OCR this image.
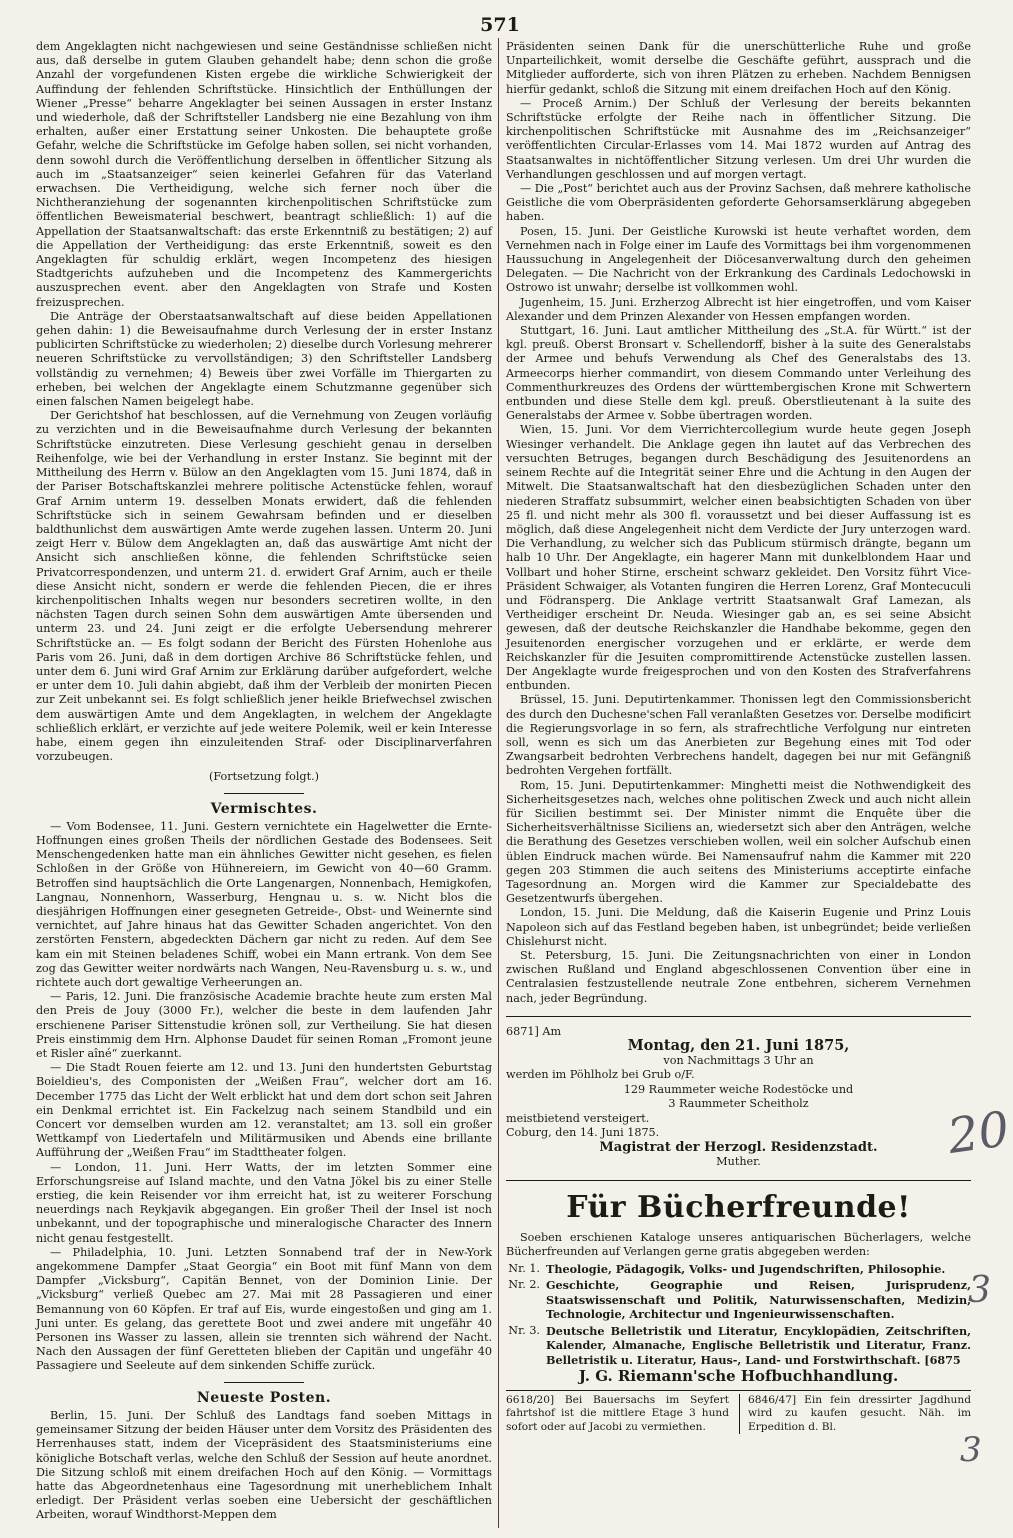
571

dem Angeklagten nicht nachgewiesen und seine Geständnisse schließen nicht aus, daß derselbe in gutem Glauben gehandelt habe; denn schon die große Anzahl der vorgefundenen Kisten ergebe die wirkliche Schwierigkeit der Auffindung der fehlenden Schriftstücke. Hinsichtlich der Enthüllungen der Wiener „Presse“ beharre Angeklagter bei seinen Aussagen in erster Instanz und wiederhole, daß der Schriftsteller Landsberg nie eine Bezahlung von ihm erhalten, außer einer Erstattung seiner Unkosten. Die behauptete große Gefahr, welche die Schriftstücke im Gefolge haben sollen, sei nicht vorhanden, denn sowohl durch die Veröffentlichung derselben in öffentlicher Sitzung als auch im „Staatsanzeiger“ seien keinerlei Gefahren für das Vaterland erwachsen. Die Vertheidigung, welche sich ferner noch über die Nichtheranziehung der sogenannten kirchenpolitischen Schriftstücke zum öffentlichen Beweismaterial beschwert, beantragt schließlich: 1) auf die Appellation der Staatsanwaltschaft: das erste Erkenntniß zu bestätigen; 2) auf die Appellation der Vertheidigung: das erste Erkenntniß, soweit es den Angeklagten für schuldig erklärt, wegen Incompetenz des hiesigen Stadtgerichts aufzuheben und die Incompetenz des Kammergerichts auszusprechen event. aber den Angeklagten von Strafe und Kosten freizusprechen.

Die Anträge der Oberstaatsanwaltschaft auf diese beiden Appellationen gehen dahin: 1) die Beweisaufnahme durch Verlesung der in erster Instanz publicirten Schriftstücke zu wiederholen; 2) dieselbe durch Vorlesung mehrerer neueren Schriftstücke zu vervollständigen; 3) den Schriftsteller Landsberg vollständig zu vernehmen; 4) Beweis über zwei Vorfälle im Thiergarten zu erheben, bei welchen der Angeklagte einem Schutzmanne gegenüber sich einen falschen Namen beigelegt habe.

Der Gerichtshof hat beschlossen, auf die Vernehmung von Zeugen vorläufig zu verzichten und in die Beweisaufnahme durch Verlesung der bekannten Schriftstücke einzutreten. Diese Verlesung geschieht genau in derselben Reihenfolge, wie bei der Verhandlung in erster Instanz. Sie beginnt mit der Mittheilung des Herrn v. Bülow an den Angeklagten vom 15. Juni 1874, daß in der Pariser Botschaftskanzlei mehrere politische Actenstücke fehlen, worauf Graf Arnim unterm 19. desselben Monats erwidert, daß die fehlenden Schriftstücke sich in seinem Gewahrsam befinden und er dieselben baldthunlichst dem auswärtigen Amte werde zugehen lassen. Unterm 20. Juni zeigt Herr v. Bülow dem Angeklagten an, daß das auswärtige Amt nicht der Ansicht sich anschließen könne, die fehlenden Schriftstücke seien Privatcorrespondenzen, und unterm 21. d. erwidert Graf Arnim, auch er theile diese Ansicht nicht, sondern er werde die fehlenden Piecen, die er ihres kirchenpolitischen Inhalts wegen nur besonders secretiren wollte, in den nächsten Tagen durch seinen Sohn dem auswärtigen Amte übersenden und unterm 23. und 24. Juni zeigt er die erfolgte Uebersendung mehrerer Schriftstücke an. — Es folgt sodann der Bericht des Fürsten Hohenlohe aus Paris vom 26. Juni, daß in dem dortigen Archive 86 Schriftstücke fehlen, und unter dem 6. Juni wird Graf Arnim zur Erklärung darüber aufgefordert, welche er unter dem 10. Juli dahin abgiebt, daß ihm der Verbleib der monirten Piecen zur Zeit unbekannt sei. Es folgt schließlich jener heikle Briefwechsel zwischen dem auswärtigen Amte und dem Angeklagten, in welchem der Angeklagte schließlich erklärt, er verzichte auf jede weitere Polemik, weil er kein Interesse habe, einem gegen ihn einzuleitenden Straf- oder Disciplinarverfahren vorzubeugen.

(Fortsetzung folgt.)
Vermischtes.

— Vom Bodensee, 11. Juni. Gestern vernichtete ein Hagelwetter die Ernte-Hoffnungen eines großen Theils der nördlichen Gestade des Bodensees. Seit Menschengedenken hatte man ein ähnliches Gewitter nicht gesehen, es fielen Schloßen in der Größe von Hühnereiern, im Gewicht von 40—60 Gramm. Betroffen sind hauptsächlich die Orte Langenargen, Nonnenbach, Hemigkofen, Langnau, Nonnenhorn, Wasserburg, Hengnau u. s. w. Nicht blos die diesjährigen Hoffnungen einer gesegneten Getreide-, Obst- und Weinernte sind vernichtet, auf Jahre hinaus hat das Gewitter Schaden angerichtet. Von den zerstörten Fenstern, abgedeckten Dächern gar nicht zu reden. Auf dem See kam ein mit Steinen beladenes Schiff, wobei ein Mann ertrank. Von dem See zog das Gewitter weiter nordwärts nach Wangen, Neu-Ravensburg u. s. w., und richtete auch dort gewaltige Verheerungen an.

— Paris, 12. Juni. Die französische Academie brachte heute zum ersten Mal den Preis de Jouy (3000 Fr.), welcher die beste in dem laufenden Jahr erschienene Pariser Sittenstudie krönen soll, zur Vertheilung. Sie hat diesen Preis einstimmig dem Hrn. Alphonse Daudet für seinen Roman „Fromont jeune et Risler aîné“ zuerkannt.

— Die Stadt Rouen feierte am 12. und 13. Juni den hundertsten Geburtstag Boieldieu's, des Componisten der „Weißen Frau“, welcher dort am 16. December 1775 das Licht der Welt erblickt hat und dem dort schon seit Jahren ein Denkmal errichtet ist. Ein Fackelzug nach seinem Standbild und ein Concert vor demselben wurden am 12. veranstaltet; am 13. soll ein großer Wettkampf von Liedertafeln und Militärmusiken und Abends eine brillante Aufführung der „Weißen Frau“ im Stadttheater folgen.

— London, 11. Juni. Herr Watts, der im letzten Sommer eine Erforschungsreise auf Island machte, und den Vatna Jökel bis zu einer Stelle erstieg, die kein Reisender vor ihm erreicht hat, ist zu weiterer Forschung neuerdings nach Reykjavik abgegangen. Ein großer Theil der Insel ist noch unbekannt, und der topographische und mineralogische Character des Innern nicht genau festgestellt.

— Philadelphia, 10. Juni. Letzten Sonnabend traf der in New-York angekommene Dampfer „Staat Georgia“ ein Boot mit fünf Mann von dem Dampfer „Vicksburg“, Capitän Bennet, von der Dominion Linie. Der „Vicksburg“ verließ Quebec am 27. Mai mit 28 Passagieren und einer Bemannung von 60 Köpfen. Er traf auf Eis, wurde eingestoßen und ging am 1. Juni unter. Es gelang, das gerettete Boot und zwei andere mit ungefähr 40 Personen ins Wasser zu lassen, allein sie trennten sich während der Nacht. Nach den Aussagen der fünf Geretteten blieben der Capitän und ungefähr 40 Passagiere und Seeleute auf dem sinkenden Schiffe zurück.

Neueste Posten.

Berlin, 15. Juni. Der Schluß des Landtags fand soeben Mittags in gemeinsamer Sitzung der beiden Häuser unter dem Vorsitz des Präsidenten des Herrenhauses statt, indem der Vicepräsident des Staatsministeriums eine königliche Botschaft verlas, welche den Schluß der Session auf heute anordnet. Die Sitzung schloß mit einem dreifachen Hoch auf den König. — Vormittags hatte das Abgeordnetenhaus eine Tagesordnung mit unerheblichem Inhalt erledigt. Der Präsident verlas soeben eine Uebersicht der geschäftlichen Arbeiten, worauf Windthorst-Meppen dem

Präsidenten seinen Dank für die unerschütterliche Ruhe und große Unparteilichkeit, womit derselbe die Geschäfte geführt, aussprach und die Mitglieder aufforderte, sich von ihren Plätzen zu erheben. Nachdem Bennigsen hierfür gedankt, schloß die Sitzung mit einem dreifachen Hoch auf den König.

— Proceß Arnim.) Der Schluß der Verlesung der bereits bekannten Schriftstücke erfolgte der Reihe nach in öffentlicher Sitzung. Die kirchenpolitischen Schriftstücke mit Ausnahme des im „Reichsanzeiger“ veröffentlichten Circular-Erlasses vom 14. Mai 1872 wurden auf Antrag des Staatsanwaltes in nichtöffentlicher Sitzung verlesen. Um drei Uhr wurden die Verhandlungen geschlossen und auf morgen vertagt.

— Die „Post“ berichtet auch aus der Provinz Sachsen, daß mehrere katholische Geistliche die vom Oberpräsidenten geforderte Gehorsamserklärung abgegeben haben.

Posen, 15. Juni. Der Geistliche Kurowski ist heute verhaftet worden, dem Vernehmen nach in Folge einer im Laufe des Vormittags bei ihm vorgenommenen Haussuchung in Angelegenheit der Diöcesanverwaltung durch den geheimen Delegaten. — Die Nachricht von der Erkrankung des Cardinals Ledochowski in Ostrowo ist unwahr; derselbe ist vollkommen wohl.

Jugenheim, 15. Juni. Erzherzog Albrecht ist hier eingetroffen, und vom Kaiser Alexander und dem Prinzen Alexander von Hessen empfangen worden.

Stuttgart, 16. Juni. Laut amtlicher Mittheilung des „St.A. für Württ.“ ist der kgl. preuß. Oberst Bronsart v. Schellendorff, bisher à la suite des Generalstabs der Armee und behufs Verwendung als Chef des Generalstabs des 13. Armeecorps hierher commandirt, von diesem Commando unter Verleihung des Commenthurkreuzes des Ordens der württembergischen Krone mit Schwertern entbunden und diese Stelle dem kgl. preuß. Oberstlieutenant à la suite des Generalstabs der Armee v. Sobbe übertragen worden.

Wien, 15. Juni. Vor dem Vierrichtercollegium wurde heute gegen Joseph Wiesinger verhandelt. Die Anklage gegen ihn lautet auf das Verbrechen des versuchten Betruges, begangen durch Beschädigung des Jesuitenordens an seinem Rechte auf die Integrität seiner Ehre und die Achtung in den Augen der Mitwelt. Die Staatsanwaltschaft hat den diesbezüglichen Schaden unter den niederen Straffatz subsummirt, welcher einen beabsichtigten Schaden von über 25 fl. und nicht mehr als 300 fl. voraussetzt und bei dieser Auffassung ist es möglich, daß diese Angelegenheit nicht dem Verdicte der Jury unterzogen ward. Die Verhandlung, zu welcher sich das Publicum stürmisch drängte, begann um halb 10 Uhr. Der Angeklagte, ein hagerer Mann mit dunkelblondem Haar und Vollbart und hoher Stirne, erscheint schwarz gekleidet. Den Vorsitz führt Vice-Präsident Schwaiger, als Votanten fungiren die Herren Lorenz, Graf Montecuculi und Födransperg. Die Anklage vertritt Staatsanwalt Graf Lamezan, als Vertheidiger erscheint Dr. Neuda. Wiesinger gab an, es sei seine Absicht gewesen, daß der deutsche Reichskanzler die Handhabe bekomme, gegen den Jesuitenorden energischer vorzugehen und er erklärte, er werde dem Reichskanzler für die Jesuiten compromittirende Actenstücke zustellen lassen. Der Angeklagte wurde freigesprochen und von den Kosten des Strafverfahrens entbunden.

Brüssel, 15. Juni. Deputirtenkammer. Thonissen legt den Commissionsbericht des durch den Duchesne'schen Fall veranlaßten Gesetzes vor. Derselbe modificirt die Regierungsvorlage in so fern, als strafrechtliche Verfolgung nur eintreten soll, wenn es sich um das Anerbieten zur Begehung eines mit Tod oder Zwangsarbeit bedrohten Verbrechens handelt, dagegen bei nur mit Gefängniß bedrohten Vergehen fortfällt.

Rom, 15. Juni. Deputirtenkammer: Minghetti meist die Nothwendigkeit des Sicherheitsgesetzes nach, welches ohne politischen Zweck und auch nicht allein für Sicilien bestimmt sei. Der Minister nimmt die Enquête über die Sicherheitsverhältnisse Siciliens an, wiedersetzt sich aber den Anträgen, welche die Berathung des Gesetzes verschieben wollen, weil ein solcher Aufschub einen üblen Eindruck machen würde. Bei Namensaufruf nahm die Kammer mit 220 gegen 203 Stimmen die auch seitens des Ministeriums acceptirte einfache Tagesordnung an. Morgen wird die Kammer zur Specialdebatte des Gesetzentwurfs übergehen.

London, 15. Juni. Die Meldung, daß die Kaiserin Eugenie und Prinz Louis Napoleon sich auf das Festland begeben haben, ist unbegründet; beide verließen Chislehurst nicht.

St. Petersburg, 15. Juni. Die Zeitungsnachrichten von einer in London zwischen Rußland und England abgeschlossenen Convention über eine in Centralasien festzustellende neutrale Zone entbehren, sicherem Vernehmen nach, jeder Begründung.

6871] Am
Montag, den 21. Juni 1875,
von Nachmittags 3 Uhr an
werden im Pöhlholz bei Grub o/F.
129 Raummeter weiche Rodestöcke und
3 Raummeter Scheitholz
meistbietend versteigert.
Coburg, den 14. Juni 1875.
Magistrat der Herzogl. Residenzstadt.
Muther.
Für Bücherfreunde!

Soeben erschienen Kataloge unseres antiquarischen Bücherlagers, welche Bücherfreunden auf Verlangen gerne gratis abgegeben werden:

Nr. 1. Theologie, Pädagogik, Volks- und Jugendschriften, Philosophie.
Nr. 2. Geschichte, Geographie und Reisen, Jurisprudenz, Staatswissenschaft und Politik, Naturwissenschaften, Medizin, Technologie, Architectur und Ingenieurwissenschaften.
Nr. 3. Deutsche Belletristik und Literatur, Encyklopädien, Zeitschriften, Kalender, Almanache, Englische Belletristik und Literatur, Franz. Belletristik u. Literatur, Haus-, Land- und Forstwirthschaft. [6875
J. G. Riemann'sche Hofbuchhandlung.
6618/20] Bei Bauersachs im Seyfert fahrtshof ist die mittlere Etage 3 hund sofort oder auf Jacobi zu vermiethen.
6846/47] Ein fein dressirter Jagdhund wird zu kaufen gesucht. Näh. im Erpedition d. Bl.
20
3
3
